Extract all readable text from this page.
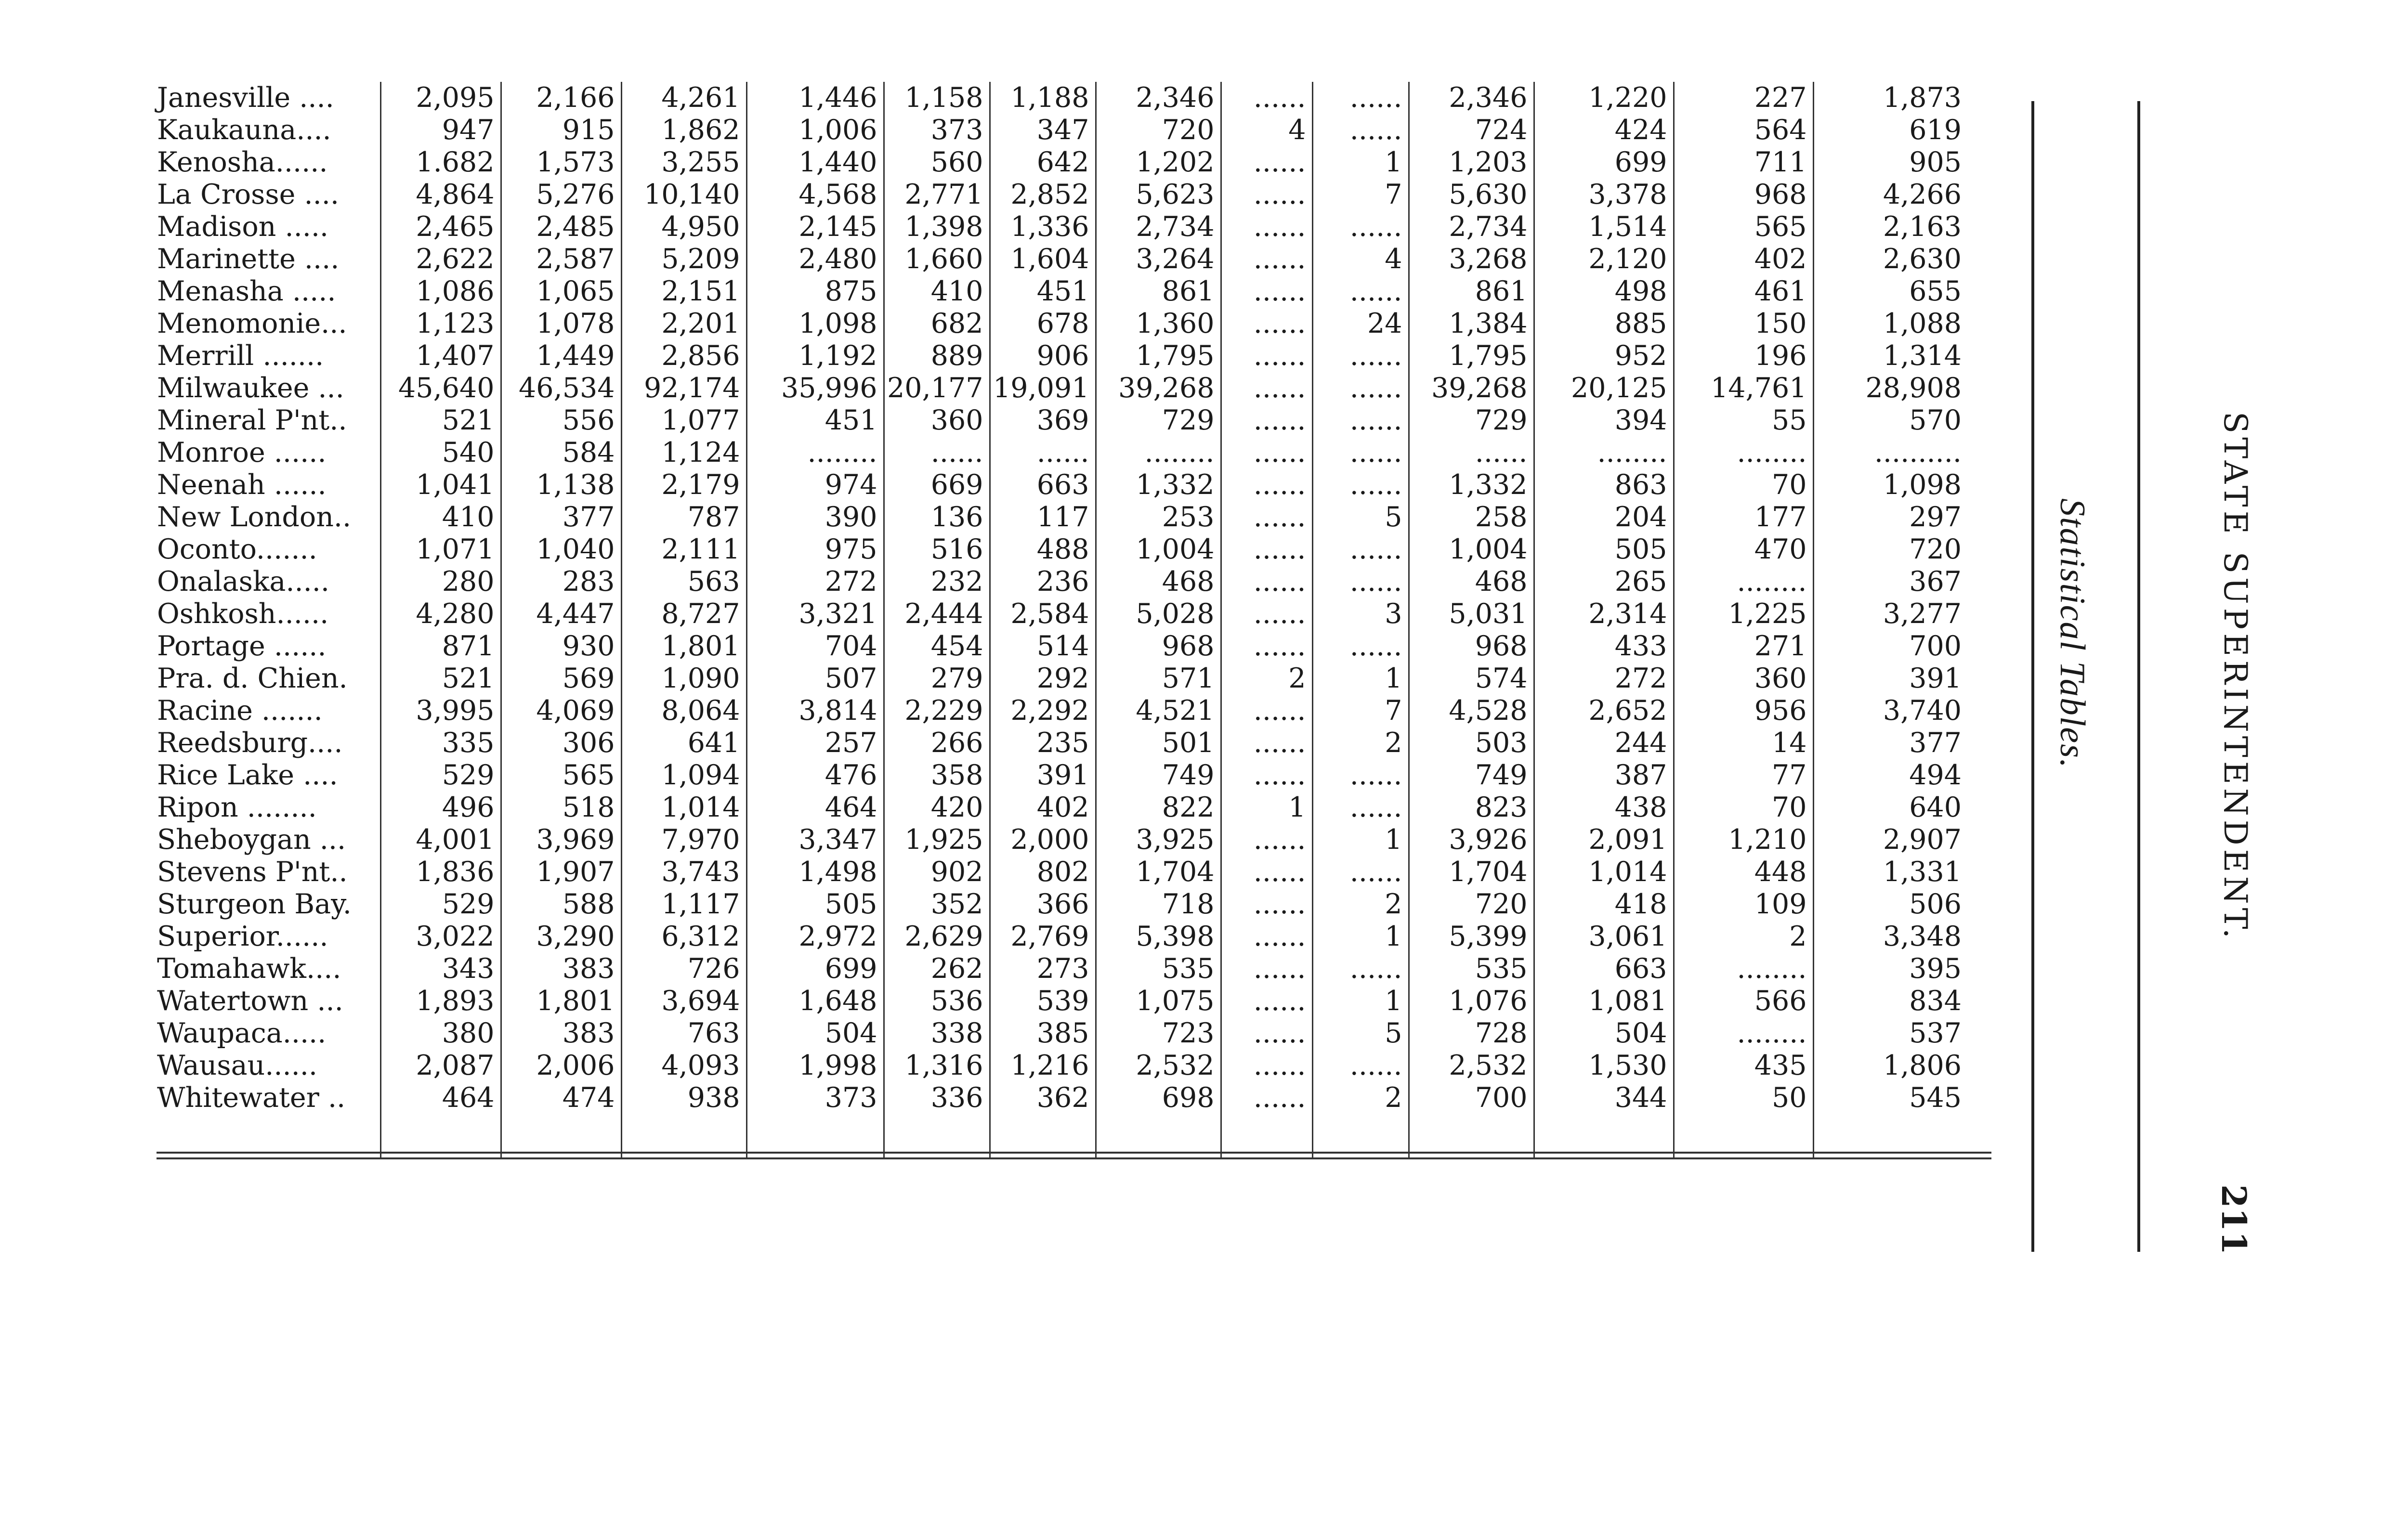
Janesville ....	2,095	2,166	4,261	1,446	1,158	1,188	2,346	......	......	2,346	1,220	227	1,873
Kaukauna....	947	915	1,862	1,006	373	347	720	4	......	724	424	564	619
Kenosha......	1.682	1,573	3,255	1,440	560	642	1,202	......	1	1,203	699	711	905
La Crosse ....	4,864	5,276	10,140	4,568	2,771	2,852	5,623	......	7	5,630	3,378	968	4,266
Madison .....	2,465	2,485	4,950	2,145	1,398	1,336	2,734	......	......	2,734	1,514	565	2,163
Marinette ....	2,622	2,587	5,209	2,480	1,660	1,604	3,264	......	4	3,268	2,120	402	2,630
Menasha .....	1,086	1,065	2,151	875	410	451	861	......	......	861	498	461	655
Menomonie...	1,123	1,078	2,201	1,098	682	678	1,360	......	24	1,384	885	150	1,088
Merrill .......	1,407	1,449	2,856	1,192	889	906	1,795	......	......	1,795	952	196	1,314
Milwaukee ...	45,640	46,534	92,174	35,996	20,177	19,091	39,268	......	......	39,268	20,125	14,761	28,908
Mineral P'nt..	521	556	1,077	451	360	369	729	......	......	729	394	55	570
Monroe ......	540	584	1,124	........	......	......	........	......	......	......	........	........	..........
Neenah ......	1,041	1,138	2,179	974	669	663	1,332	......	......	1,332	863	70	1,098
New London..	410	377	787	390	136	117	253	......	5	258	204	177	297
Oconto.......	1,071	1,040	2,111	975	516	488	1,004	......	......	1,004	505	470	720
Onalaska.....	280	283	563	272	232	236	468	......	......	468	265	........	367
Oshkosh......	4,280	4,447	8,727	3,321	2,444	2,584	5,028	......	3	5,031	2,314	1,225	3,277
Portage ......	871	930	1,801	704	454	514	968	......	......	968	433	271	700
Pra. d. Chien.	521	569	1,090	507	279	292	571	2	1	574	272	360	391
Racine .......	3,995	4,069	8,064	3,814	2,229	2,292	4,521	......	7	4,528	2,652	956	3,740
Reedsburg....	335	306	641	257	266	235	501	......	2	503	244	14	377
Rice Lake ....	529	565	1,094	476	358	391	749	......	......	749	387	77	494
Ripon ........	496	518	1,014	464	420	402	822	1	......	823	438	70	640
Sheboygan ...	4,001	3,969	7,970	3,347	1,925	2,000	3,925	......	1	3,926	2,091	1,210	2,907
Stevens P'nt..	1,836	1,907	3,743	1,498	902	802	1,704	......	......	1,704	1,014	448	1,331
Sturgeon Bay.	529	588	1,117	505	352	366	718	......	2	720	418	109	506
Superior......	3,022	3,290	6,312	2,972	2,629	2,769	5,398	......	1	5,399	3,061	2	3,348
Tomahawk....	343	383	726	699	262	273	535	......	......	535	663	........	395
Watertown ...	1,893	1,801	3,694	1,648	536	539	1,075	......	1	1,076	1,081	566	834
Waupaca.....	380	383	763	504	338	385	723	......	5	728	504	........	537
Wausau......	2,087	2,006	4,093	1,998	1,316	1,216	2,532	......	......	2,532	1,530	435	1,806
Whitewater ..	464	474	938	373	336	362	698	......	2	700	344	50	545

Statistical Tables.	STATE SUPERINTENDENT.
211
